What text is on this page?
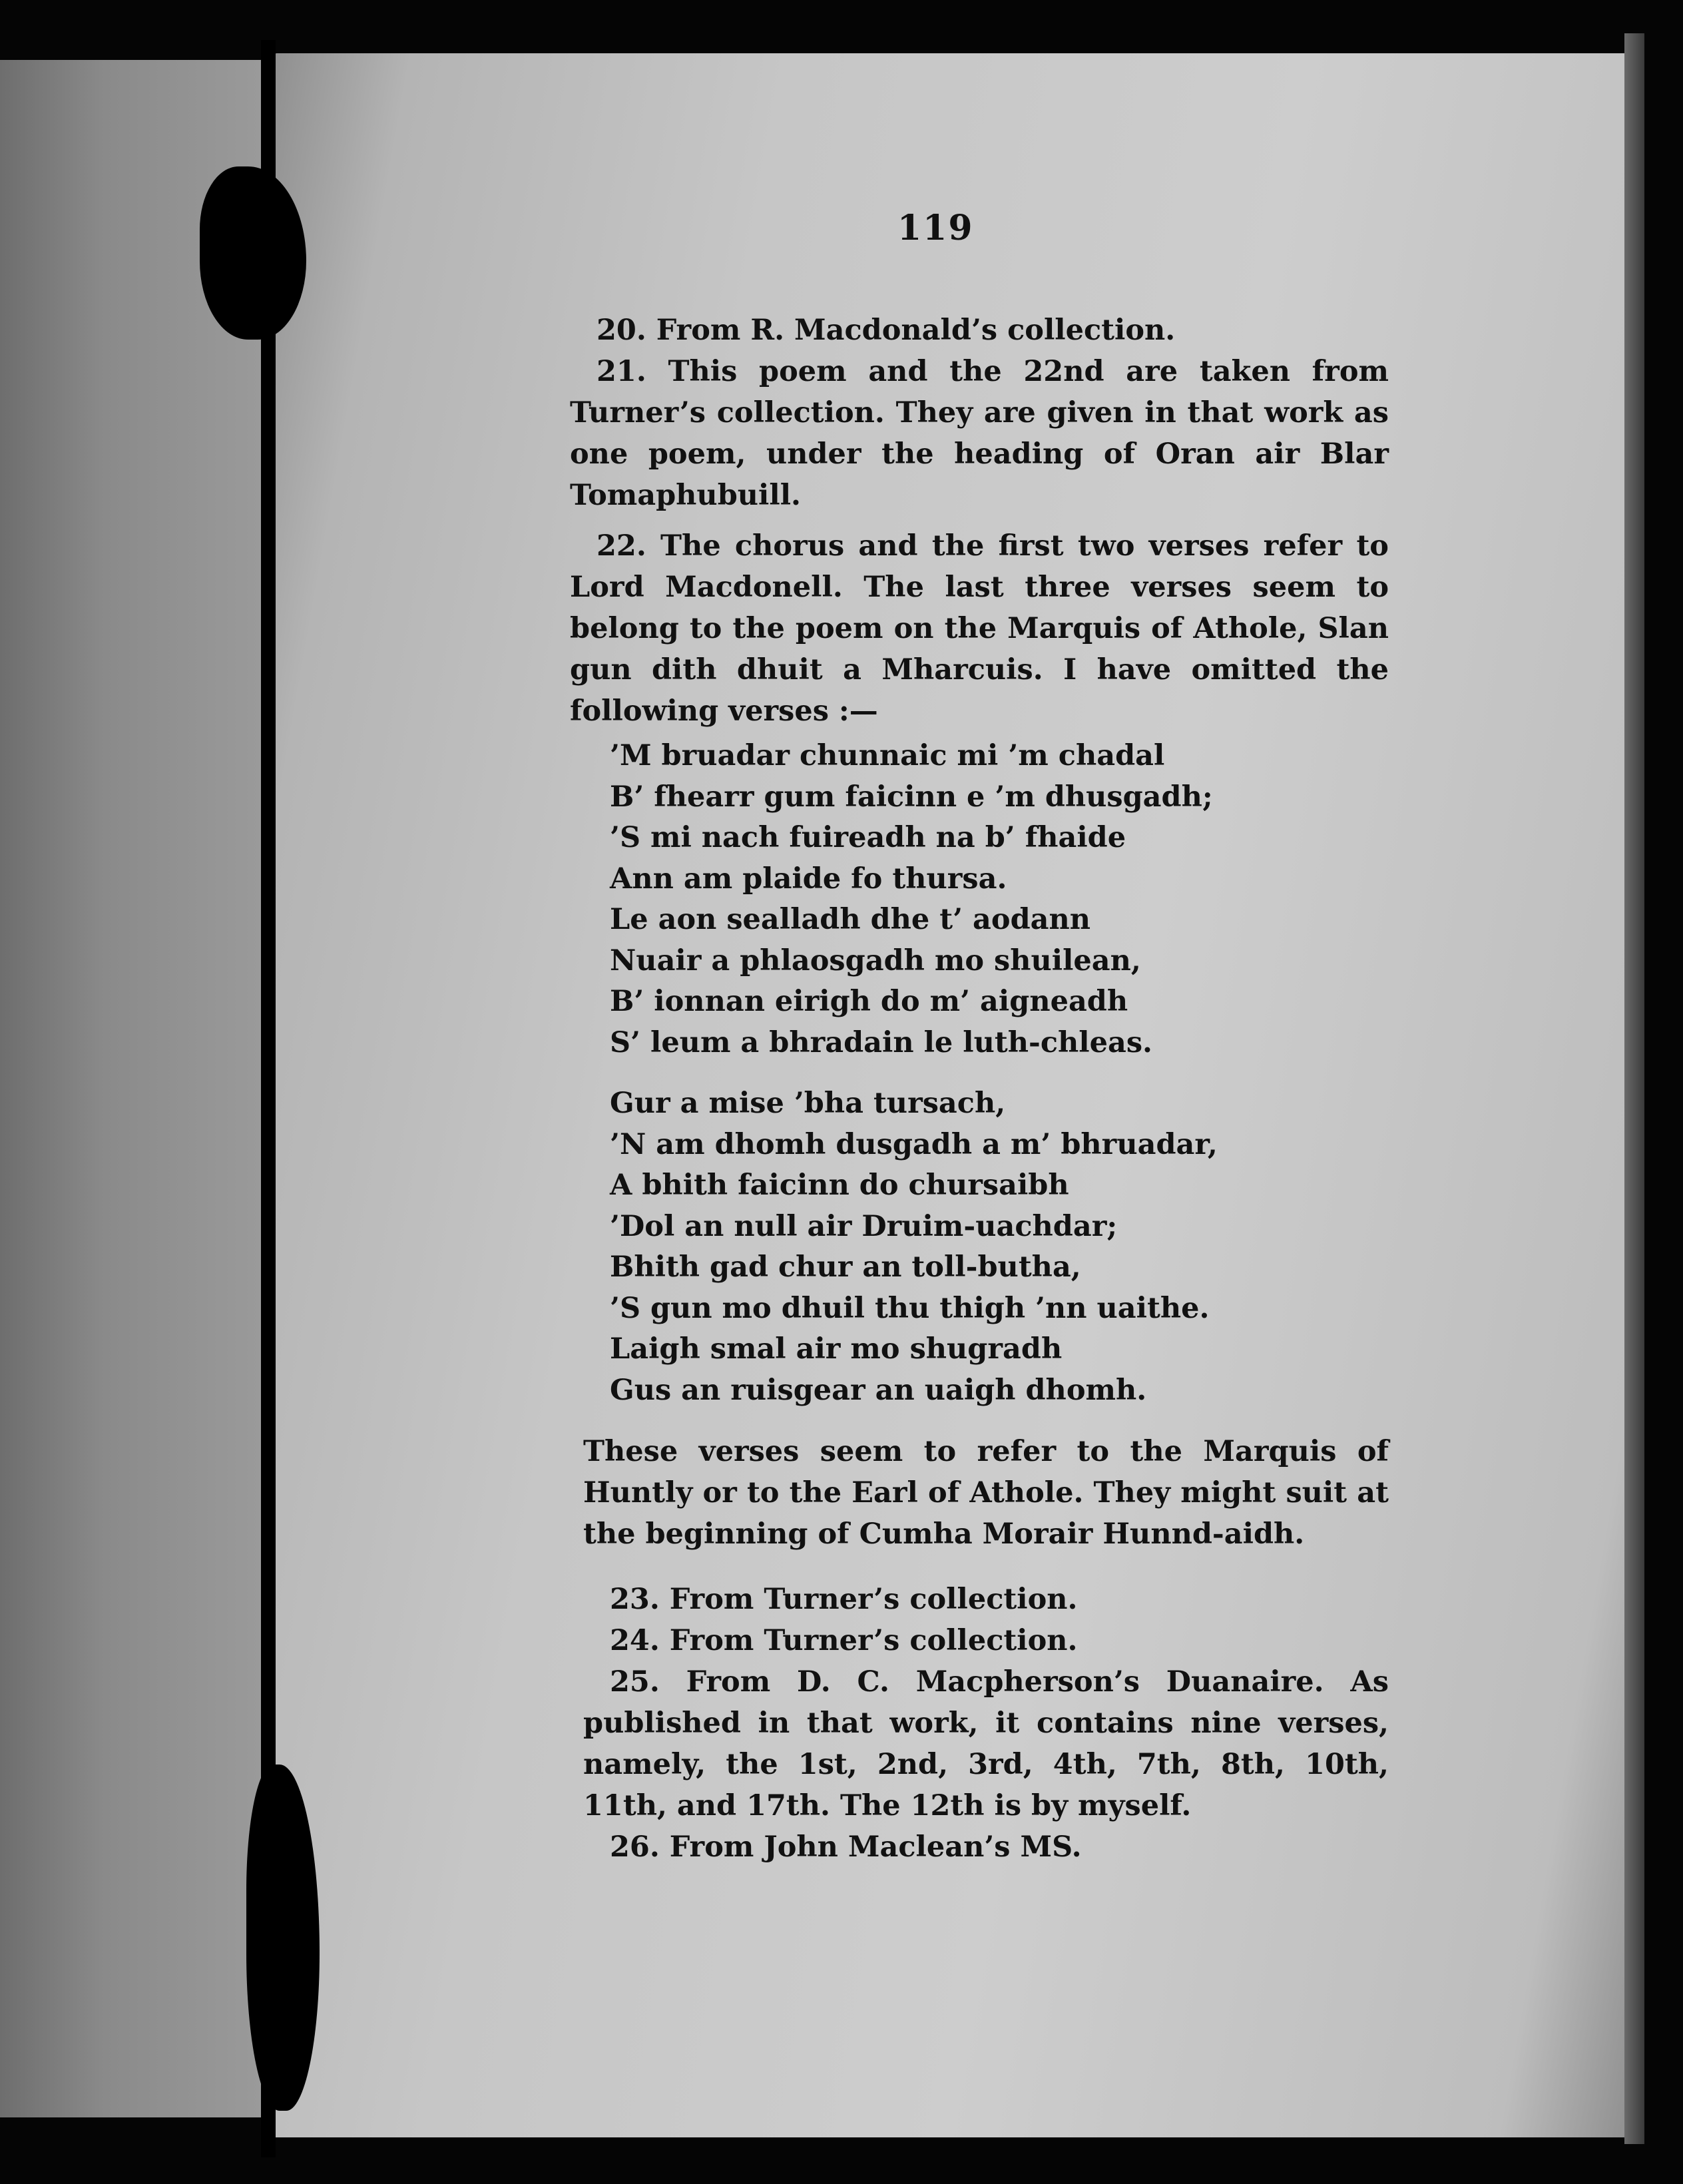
119

20. From R. Macdonald’s collection.

21. This poem and the 22nd are taken from Turner’s collection. They are given in that work as one poem, under the heading of Oran air Blar Tomaphubuill.

22. The chorus and the first two verses refer to Lord Macdonell. The last three verses seem to belong to the poem on the Marquis of Athole, Slan gun dith dhuit a Mharcuis. I have omitted the following verses :—

’M bruadar chunnaic mi ’m chadal
B’ fhearr gum faicinn e ’m dhusgadh;
’S mi nach fuireadh na b’ fhaide
Ann am plaide fo thursa.
Le aon sealladh dhe t’ aodann
Nuair a phlaosgadh mo shuilean,
B’ ionnan eirigh do m’ aigneadh
S’ leum a bhradain le luth-chleas.
Gur a mise ’bha tursach,
’N am dhomh dusgadh a m’ bhruadar,
A bhith faicinn do chursaibh
’Dol an null air Druim-uachdar;
Bhith gad chur an toll-butha,
’S gun mo dhuil thu thigh ’nn uaithe.
Laigh smal air mo shugradh
Gus an ruisgear an uaigh dhomh.

These verses seem to refer to the Marquis of Huntly or to the Earl of Athole. They might suit at the beginning of Cumha Morair Hunnd-aidh.

23. From Turner’s collection.

24. From Turner’s collection.

25. From D. C. Macpherson’s Duanaire. As published in that work, it contains nine verses, namely, the 1st, 2nd, 3rd, 4th, 7th, 8th, 10th, 11th, and 17th. The 12th is by myself.

26. From John Maclean’s MS.
